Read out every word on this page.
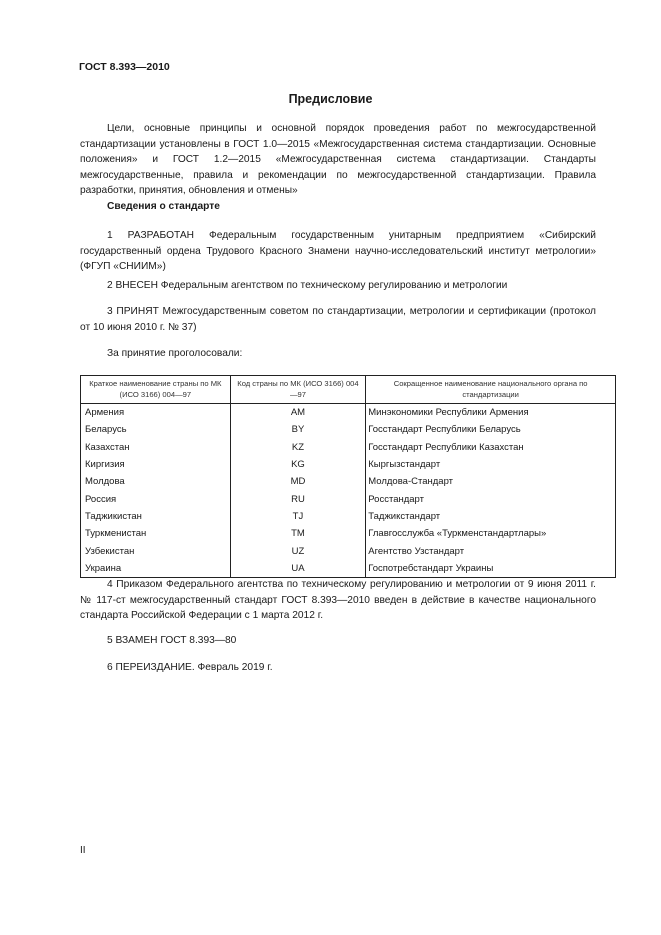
ГОСТ 8.393—2010
Предисловие

Цели, основные принципы и основной порядок проведения работ по межгосударственной стандартизации установлены в ГОСТ 1.0—2015 «Межгосударственная система стандартизации. Основные положения» и ГОСТ 1.2—2015 «Межгосударственная система стандартизации. Стандарты межгосударственные, правила и рекомендации по межгосударственной стандартизации. Правила разработки, принятия, обновления и отмены»

Сведения о стандарте

1 РАЗРАБОТАН Федеральным государственным унитарным предприятием «Сибирский государственный ордена Трудового Красного Знамени научно-исследовательский институт метрологии» (ФГУП «СНИИМ»)

2 ВНЕСЕН Федеральным агентством по техническому регулированию и метрологии

3 ПРИНЯТ Межгосударственным советом по стандартизации, метрологии и сертификации (протокол от 10 июня 2010 г. № 37)

За принятие проголосовали:

Краткое наименование страны по МК (ИСО 3166) 004—97	Код страны по МК (ИСО 3166) 004—97	Сокращенное наименование национального органа по стандартизации
Армения	AM	Минэкономики Республики Армения
Беларусь	BY	Госстандарт Республики Беларусь
Казахстан	KZ	Госстандарт Республики Казахстан
Киргизия	KG	Кыргызстандарт
Молдова	MD	Молдова-Стандарт
Россия	RU	Росстандарт
Таджикистан	TJ	Таджикстандарт
Туркменистан	TM	Главгосслужба «Туркменстандартлары»
Узбекистан	UZ	Агентство Узстандарт
Украина	UA	Госпотребстандарт Украины

4 Приказом Федерального агентства по техническому регулированию и метрологии от 9 июня 2011 г. № 117-ст межгосударственный стандарт ГОСТ 8.393—2010 введен в действие в качестве национального стандарта Российской Федерации с 1 марта 2012 г.

5 ВЗАМЕН ГОСТ 8.393—80

6 ПЕРЕИЗДАНИЕ. Февраль 2019 г.

II
